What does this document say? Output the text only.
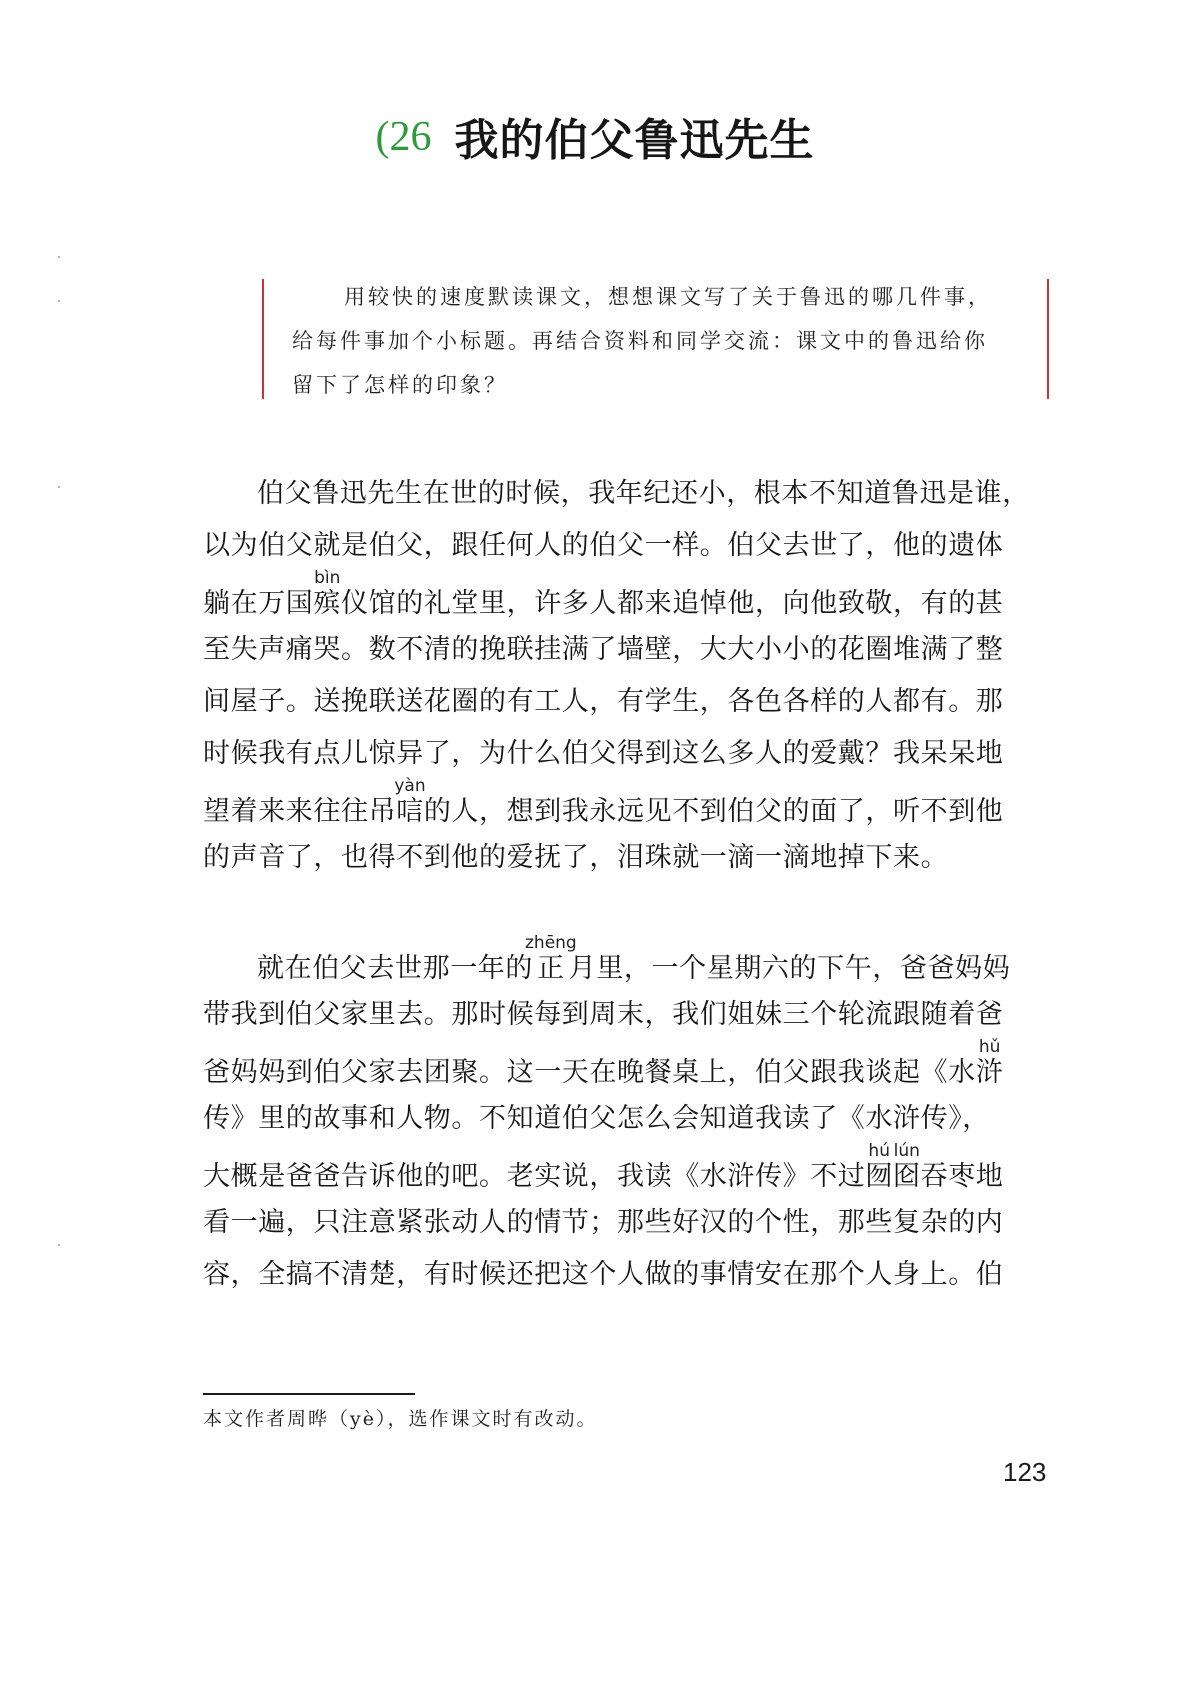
(26 我的伯父鲁迅先生

用较快的速度默读课文，想想课文写了关于鲁迅的哪几件事，

给每件事加个小标题。再结合资料和同学交流：课文中的鲁迅给你

留下了怎样的印象？

伯父鲁迅先生在世的时候，我年纪还小，根本不知道鲁迅是谁，
以为伯父就是伯父，跟任何人的伯父一样。伯父去世了，他的遗体
躺在万国殡bìn仪馆的礼堂里，许多人都来追悼他，向他致敬，有的甚
至失声痛哭。数不清的挽联挂满了墙壁，大大小小的花圈堆满了整
间屋子。送挽联送花圈的有工人，有学生，各色各样的人都有。那
时候我有点儿惊异了，为什么伯父得到这么多人的爱戴？我呆呆地
望着来来往往吊唁yàn的人，想到我永远见不到伯父的面了，听不到他
的声音了，也得不到他的爱抚了，泪珠就一滴一滴地掉下来。
就在伯父去世那一年的正zhēng月里，一个星期六的下午，爸爸妈妈
带我到伯父家里去。那时候每到周末，我们姐妹三个轮流跟随着爸
爸妈妈到伯父家去团聚。这一天在晚餐桌上，伯父跟我谈起《水浒hǔ
传》里的故事和人物。不知道伯父怎么会知道我读了《水浒传》，
大概是爸爸告诉他的吧。老实说，我读《水浒传》不过囫hú囵lún吞枣地
看一遍，只注意紧张动人的情节；那些好汉的个性，那些复杂的内
容，全搞不清楚，有时候还把这个人做的事情安在那个人身上。伯
本文作者周晔（yè），选作课文时有改动。
123
